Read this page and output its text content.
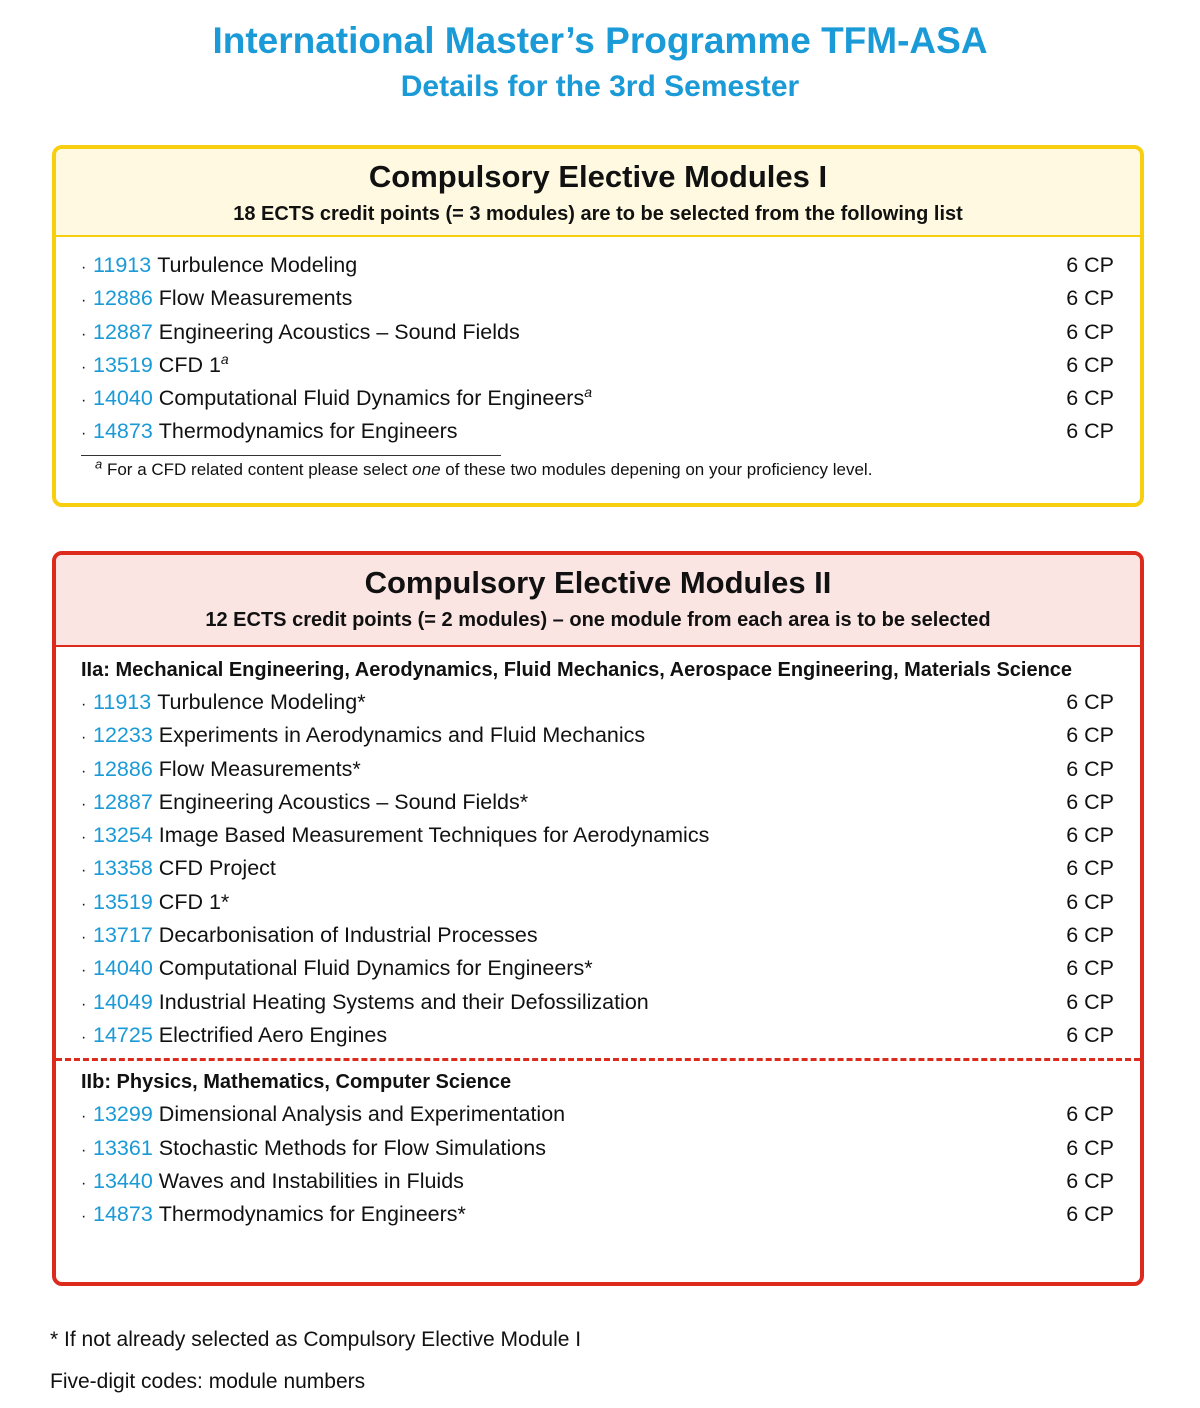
International Master’s Programme TFM-ASA
Details for the 3rd Semester
Compulsory Elective Modules I
18 ECTS credit points (= 3 modules) are to be selected from the following list
· 11913 Turbulence Modeling	6 CP
· 12886 Flow Measurements	6 CP
· 12887 Engineering Acoustics – Sound Fields	6 CP
· 13519 CFD 1$^a$	6 CP
· 14040 Computational Fluid Dynamics for Engineers$^a$	6 CP
· 14873 Thermodynamics for Engineers	6 CP
$^a$ For a CFD related content please select one of these two modules depening on your proficiency level.
Compulsory Elective Modules II
12 ECTS credit points (= 2 modules) – one module from each area is to be selected
IIa: Mechanical Engineering, Aerodynamics, Fluid Mechanics, Aerospace Engineering, Materials Science
· 11913 Turbulence Modeling*	6 CP
· 12233 Experiments in Aerodynamics and Fluid Mechanics	6 CP
· 12886 Flow Measurements*	6 CP
· 12887 Engineering Acoustics – Sound Fields*	6 CP
· 13254 Image Based Measurement Techniques for Aerodynamics	6 CP
· 13358 CFD Project	6 CP
· 13519 CFD 1*	6 CP
· 13717 Decarbonisation of Industrial Processes	6 CP
· 14040 Computational Fluid Dynamics for Engineers*	6 CP
· 14049 Industrial Heating Systems and their Defossilization	6 CP
· 14725 Electrified Aero Engines	6 CP
IIb: Physics, Mathematics, Computer Science
· 13299 Dimensional Analysis and Experimentation	6 CP
· 13361 Stochastic Methods for Flow Simulations	6 CP
· 13440 Waves and Instabilities in Fluids	6 CP
· 14873 Thermodynamics for Engineers*	6 CP
* If not already selected as Compulsory Elective Module I
Five-digit codes: module numbers
